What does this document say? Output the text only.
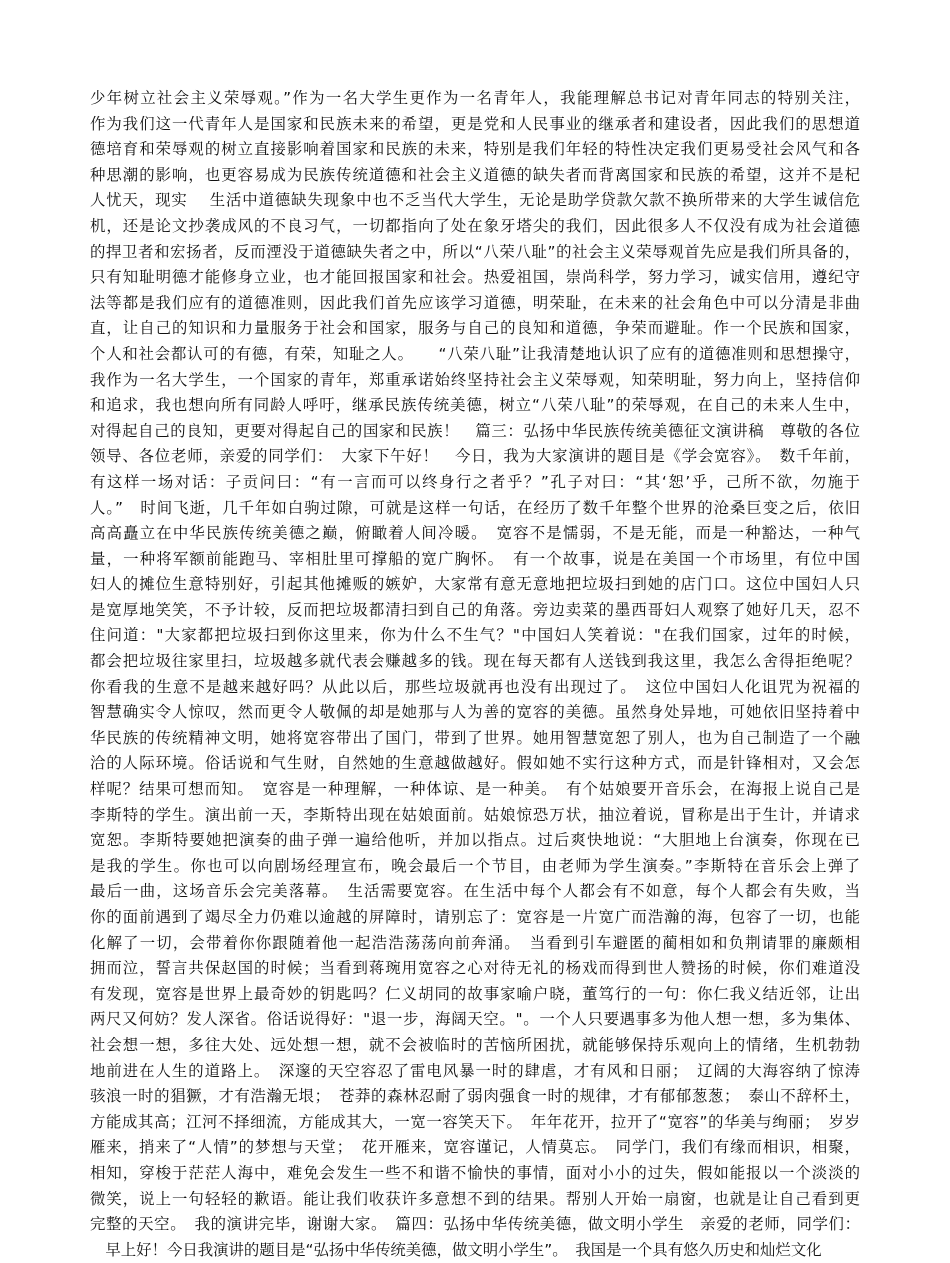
少年树立社会主义荣辱观。”作为一名大学生更作为一名青年人，我能理解总书记对青年同志的特别关注，
作为我们这一代青年人是国家和民族未来的希望，更是党和人民事业的继承者和建设者，因此我们的思想道
德培育和荣辱观的树立直接影响着国家和民族的未来，特别是我们年轻的特性决定我们更易受社会风气和各
种思潮的影响，也更容易成为民族传统道德和社会主义道德的缺失者而背离国家和民族的希望，这并不是杞
人忧天，现实　 生活中道德缺失现象中也不乏当代大学生，无论是助学贷款欠款不换所带来的大学生诚信危
机，还是论文抄袭成风的不良习气，一切都指向了处在象牙塔尖的我们，因此很多人不仅没有成为社会道德
的捍卫者和宏扬者，反而湮没于道德缺失者之中，所以“八荣八耻”的社会主义荣辱观首先应是我们所具备的，
只有知耻明德才能修身立业，也才能回报国家和社会。热爱祖国，崇尚科学，努力学习，诚实信用，遵纪守
法等都是我们应有的道德准则，因此我们首先应该学习道德，明荣耻，在未来的社会角色中可以分清是非曲
直，让自己的知识和力量服务于社会和国家，服务与自己的良知和道德，争荣而避耻。作一个民族和国家，
个人和社会都认可的有德，有荣，知耻之人。　　“八荣八耻”让我清楚地认识了应有的道德准则和思想操守，
我作为一名大学生，一个国家的青年，郑重承诺始终坚持社会主义荣辱观，知荣明耻，努力向上，坚持信仰
和追求，我也想向所有同龄人呼吁，继承民族传统美德，树立“八荣八耻”的荣辱观，在自己的未来人生中，
对得起自己的良知，更要对得起自己的国家和民族！　篇三：弘扬中华民族传统美德征文演讲稿　尊敬的各位
领导、各位老师，亲爱的同学们：　大家下午好！　今日，我为大家演讲的题目是《学会宽容》。　数千年前，
有这样一场对话：子贡问曰：“有一言而可以终身行之者乎？”孔子对曰：“其‘恕’乎，己所不欲，勿施于
人。”　时间飞逝，几千年如白驹过隙，可就是这样一句话，在经历了数千年整个世界的沧桑巨变之后，依旧
高高矗立在中华民族传统美德之巅，俯瞰着人间冷暖。　宽容不是懦弱，不是无能，而是一种豁达，一种气
量，一种将军额前能跑马、宰相肚里可撑船的宽广胸怀。　有一个故事，说是在美国一个市场里，有位中国
妇人的摊位生意特别好，引起其他摊贩的嫉妒，大家常有意无意地把垃圾扫到她的店门口。这位中国妇人只
是宽厚地笑笑，不予计较，反而把垃圾都清扫到自己的角落。旁边卖菜的墨西哥妇人观察了她好几天，忍不
住问道："大家都把垃圾扫到你这里来，你为什么不生气？"中国妇人笑着说："在我们国家，过年的时候，
都会把垃圾往家里扫，垃圾越多就代表会赚越多的钱。现在每天都有人送钱到我这里，我怎么舍得拒绝呢？
你看我的生意不是越来越好吗？从此以后，那些垃圾就再也没有出现过了。　这位中国妇人化诅咒为祝福的
智慧确实令人惊叹，然而更令人敬佩的却是她那与人为善的宽容的美德。虽然身处异地，可她依旧坚持着中
华民族的传统精神文明，她将宽容带出了国门，带到了世界。她用智慧宽恕了别人，也为自己制造了一个融
洽的人际环境。俗话说和气生财，自然她的生意越做越好。假如她不实行这种方式，而是针锋相对，又会怎
样呢？结果可想而知。　宽容是一种理解，一种体谅、是一种美。　有个姑娘要开音乐会，在海报上说自己是
李斯特的学生。演出前一天，李斯特出现在姑娘面前。姑娘惊恐万状，抽泣着说，冒称是出于生计，并请求
宽恕。李斯特要她把演奏的曲子弹一遍给他听，并加以指点。过后爽快地说：“大胆地上台演奏，你现在已
是我的学生。你也可以向剧场经理宣布，晚会最后一个节目，由老师为学生演奏。”李斯特在音乐会上弹了
最后一曲，这场音乐会完美落幕。　生活需要宽容。在生活中每个人都会有不如意，每个人都会有失败，当
你的面前遇到了竭尽全力仍难以逾越的屏障时，请别忘了：宽容是一片宽广而浩瀚的海，包容了一切，也能
化解了一切，会带着你你跟随着他一起浩浩荡荡向前奔涌。　当看到引车避匿的蔺相如和负荆请罪的廉颇相
拥而泣，誓言共保赵国的时候；当看到蒋琬用宽容之心对待无礼的杨戏而得到世人赞扬的时候，你们难道没
有发现，宽容是世界上最奇妙的钥匙吗？仁义胡同的故事家喻户晓，董笃行的一句：你仁我义结近邻，让出
两尺又何妨？发人深省。俗话说得好："退一步，海阔天空。"。一个人只要遇事多为他人想一想，多为集体、
社会想一想，多往大处、远处想一想，就不会被临时的苦恼所困扰，就能够保持乐观向上的情绪，生机勃勃
地前进在人生的道路上。　深邃的天空容忍了雷电风暴一时的肆虐，才有风和日丽；　辽阔的大海容纳了惊涛
骇浪一时的猖獗，才有浩瀚无垠；　苍莽的森林忍耐了弱肉强食一时的规律，才有郁郁葱葱；　泰山不辞杯土，
方能成其高；江河不择细流，方能成其大，一宽一容笑天下。　年年花开，拉开了“宽容”的华美与绚丽；　岁岁
雁来，捎来了“人情”的梦想与天堂；　花开雁来，宽容谨记，人情莫忘。　同学门，我们有缘而相识，相聚，
相知，穿梭于茫茫人海中，难免会发生一些不和谐不愉快的事情，面对小小的过失，假如能报以一个淡淡的
微笑，说上一句轻轻的歉语。能让我们收获许多意想不到的结果。帮别人开始一扇窗，也就是让自己看到更
完整的天空。　我的演讲完毕，谢谢大家。　篇四：弘扬中华传统美德，做文明小学生　亲爱的老师，同学们：
　早上好！今日我演讲的题目是“弘扬中华传统美德，做文明小学生”。　我国是一个具有悠久历史和灿烂文化
